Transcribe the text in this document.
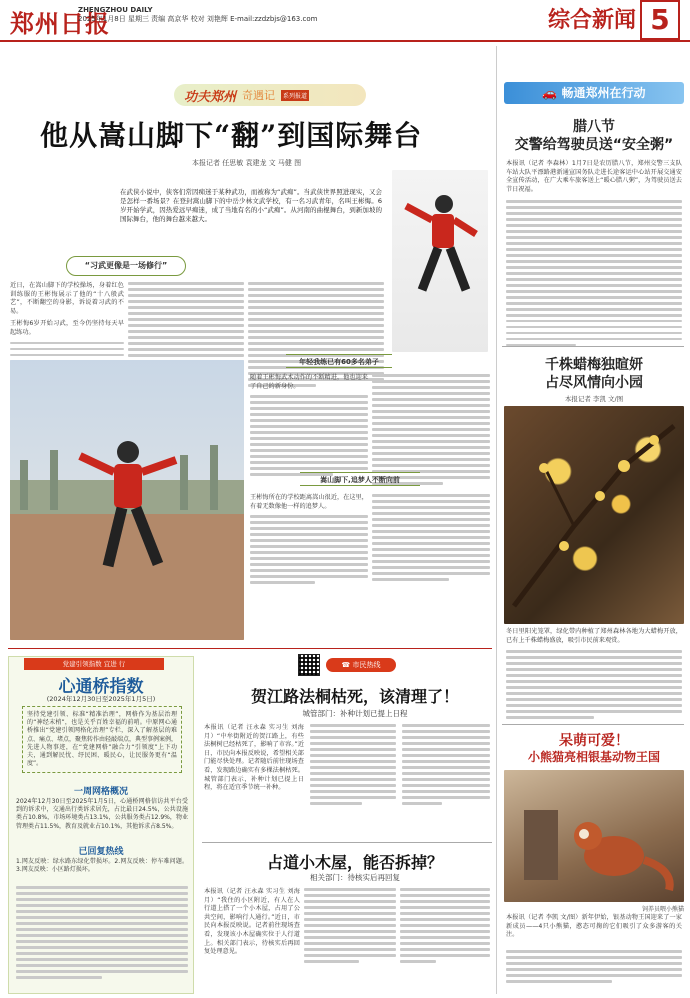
郑州日报
ZHENGZHOU DAILY
2025年1月8日 星期三 责编 高京华 校对 刘艳辉 E-mail:zzdzbjs@163.com	综合新闻 5
功夫郑州 奇遇记	系列报道
他从嵩山脚下“翻”到国际舞台
本报记者 任思敏 袁建龙 文 马健 图
在武侠小说中，侠客们常因痴迷于某种武功，而被称为“武痴”。当武侠世界照进现实，又会是怎样一番场景？在登封嵩山脚下的中岳少林文武学校，有一名习武青年，名叫王彬悔。6岁开始学武，因热爱远早痴迷，成了当地有名的小“武痴”。从河南的曲棍舞台，到新加坡的国际舞台，他的舞台越来越大。
“习武更像是一场修行”
近日，在嵩山脚下的学校操场，身着红色训练服的王彬悔展示了他的“十八般武艺”，不断翻空的身影，诉说着习武的不易。
王彬悔6岁开始习武，至今仍坚持每天早起练功。
年轻我练已有60多名弟子
随着王彬悔武术动作的不断精进，他也迎来了自己的新身份。
嵩山脚下,追梦人不断向前
王彬悔所在的学校距离嵩山很近，在这里，有着无数像他一样的追梦人。
党建引领指数 宜进 行
心通桥指数
(2024年12月30日至2025年1月5日)
坚持党建引领、标准“精准治理”，网格作为基层治理的“神经末梢”，也是关乎百姓幸福的前哨。中原网心通桥推出“党建引领网格化治理”专栏，深入了解基层的难点、痛点、堵点，聚焦转作由轻敲端点，典型事例案例，先进人物事迹，在“党建网格”融合力“引领度”上下功夫，通到解民忧、纾民困、暖民心，让民服务更有“温度”。
一周网格概况
2024年12月30日至2025年1月5日，心通桥网格信访共平台受到的诉求中，交通出行类诉求居先，占比最日24.5%，公共设施类占10.8%，市场环境类占13.1%，公共服务类占12.9%，物业管理类占11.5%，教育及就业占10.1%，其他诉求占8.5%。
已回复热线
1.网友反映：绿水路东绿化带损坏。2.网友反映：停车难问题。3.网友反映：小区路灯损坏。
☎ 市民热线
贺江路法桐枯死，该清理了！
城管部门：补种计划已提上日程
本报讯（记者 汪永森 实习生 刘海月）“中牟街附近的贺江路上，有些法桐树已经枯死了，影响了市容。”近日，市民向本报反映说，希望相关部门能尽快处理。记者随后前往现场查看，发现路边确实有多棵法桐枯死。城管部门表示，补种计划已提上日程，将在适宜季节统一补种。
占道小木屋，能否拆掉？
相关部门：待核实后再回复
本报讯（记者 汪永森 实习生 刘海月）“我住的小区附近，有人在人行道上搭了一个小木屋，占用了公共空间，影响行人通行。”近日，市民向本报反映说。记者前往现场查看，发现该小木屋确实位于人行道上。相关部门表示，待核实后再回复处理意见。
🚗 畅通郑州在行动
腊八节
交警给驾驶员送“安全粥”
本报讯（记者 李森林）1月7日是农历腊八节，郑州交警三支队车站大队平漂路港新通宣国务队走进长途客运中心站开展交通安全宣传活动，在广大乘车旅客送上“暖心腊八粥”，为驾驶员送去节日祝福。
千株蜡梅独暄妍
占尽风情向小园
本报记者 李凯 文/图
冬日里阳光笼罩，绿化带内种植了郑州森林各地为大蜡梅开放，已有上千株蜡梅盛放，吸引市民前来观赏。
呆萌可爱！
小熊猫亮相银基动物王国
饲养员喂小熊猫
本报讯（记者 李凯 文/图）新年伊始，银基动物王国迎来了一家新成员——4只小熊猫，憨态可掬的它们吸引了众多游客的关注。
